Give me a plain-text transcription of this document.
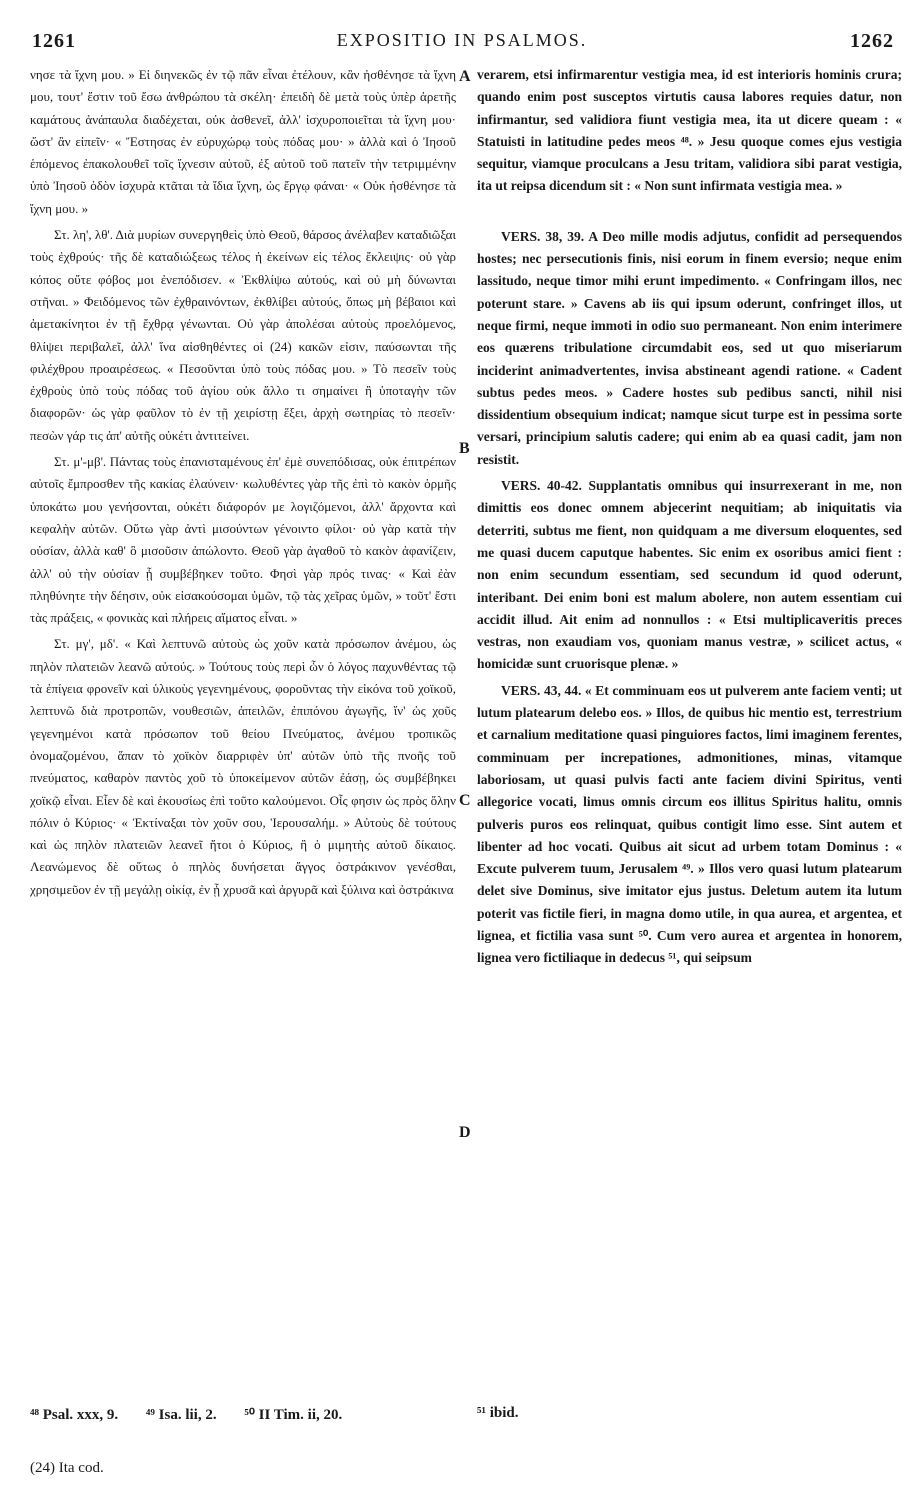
1261	EXPOSITIO IN PSALMOS.	1262

νησε τὰ ἴχνη μου. » Εἰ διηνεκῶς ἐν τῷ πᾶν εἶναι ἐτέλουν, κἂν ἠσθένησε τὰ ἴχνη μου, τουτ' ἔστιν τοῦ ἔσω ἀνθρώπου τὰ σκέλη· ἐπειδὴ δὲ μετὰ τοὺς ὑπὲρ ἀρετῆς καμάτους ἀνάπαυλα διαδέχεται, οὐκ ἀσθενεῖ, ἀλλ' ἰσχυροποιεῖται τὰ ἴχνη μου· ὥστ' ἂν εἰπεῖν· « Ἔστησας ἐν εὐρυχώρῳ τοὺς πόδας μου· » ἀλλὰ καὶ ὁ Ἰησοῦ ἑπόμενος ἐπακολουθεῖ τοῖς ἴχνεσιν αὐτοῦ, ἐξ αὐτοῦ τοῦ πατεῖν τὴν τετριμμένην ὑπὸ Ἰησοῦ ὁδὸν ἰσχυρὰ κτᾶται τὰ ἴδια ἴχνη, ὡς ἔργῳ φάναι· « Οὐκ ἠσθένησε τὰ ἴχνη μου. »

Στ. λη', λθ'. Διὰ μυρίων συνεργηθεὶς ὑπὸ Θεοῦ, θάρσος ἀνέλαβεν καταδιῶξαι τοὺς ἐχθρούς· τῆς δὲ καταδιώξεως τέλος ἡ ἐκείνων εἰς τέλος ἔκλειψις· οὐ γὰρ κόπος οὔτε φόβος μοι ἐνεπόδισεν. « Ἐκθλίψω αὐτούς, καὶ οὐ μὴ δύνωνται στῆναι. » Φειδόμενος τῶν ἐχθραινόντων, ἐκθλίβει αὐτούς, ὅπως μὴ βέβαιοι καὶ ἀμετακίνητοι ἐν τῇ ἔχθρᾳ γένωνται. Οὐ γὰρ ἀπολέσαι αὐτοὺς προελόμενος, θλίψει περιβαλεῖ, ἀλλ' ἵνα αἰσθηθέντες οἱ (24) κακῶν εἰσιν, παύσωνται τῆς φιλέχθρου προαιρέσεως. « Πεσοῦνται ὑπὸ τοὺς πόδας μου. » Τὸ πεσεῖν τοὺς ἐχθροὺς ὑπὸ τοὺς πόδας τοῦ ἁγίου οὐκ ἄλλο τι σημαίνει ἢ ὑποταγὴν τῶν διαφορῶν· ὡς γὰρ φαῦλον τὸ ἐν τῇ χειρίστῃ ἕξει, ἀρχὴ σωτηρίας τὸ πεσεῖν· πεσὼν γάρ τις ἀπ' αὐτῆς οὐκέτι ἀντιτείνει.

Στ. μ'-μβ'. Πάντας τοὺς ἐπανισταμένους ἐπ' ἐμὲ συνεπόδισας, οὐκ ἐπιτρέπων αὐτοῖς ἔμπροσθεν τῆς κακίας ἐλαύνειν· κωλυθέντες γὰρ τῆς ἐπὶ τὸ κακὸν ὁρμῆς ὑποκάτω μου γενήσονται, οὐκέτι διάφορόν με λογιζόμενοι, ἀλλ' ἄρχοντα καὶ κεφαλὴν αὐτῶν. Οὕτω γὰρ ἀντὶ μισούντων γένοιντο φίλοι· οὐ γὰρ κατὰ τὴν οὐσίαν, ἀλλὰ καθ' ὃ μισοῦσιν ἀπώλοντο. Θεοῦ γὰρ ἀγαθοῦ τὸ κακὸν ἀφανίζειν, ἀλλ' οὐ τὴν οὐσίαν ᾗ συμβέβηκεν τοῦτο. Φησὶ γὰρ πρός τινας· « Καὶ ἐὰν πληθύνητε τὴν δέησιν, οὐκ εἰσακούσομαι ὑμῶν, τῷ τὰς χεῖρας ὑμῶν, » τοῦτ' ἔστι τὰς πράξεις, « φονικὰς καὶ πλήρεις αἵματος εἶναι. »

Στ. μγ', μδ'. « Καὶ λεπτυνῶ αὐτοὺς ὡς χοῦν κατὰ πρόσωπον ἀνέμου, ὡς πηλὸν πλατειῶν λεανῶ αὐτούς. » Τούτους τοὺς περὶ ὧν ὁ λόγος παχυνθέντας τῷ τὰ ἐπίγεια φρονεῖν καὶ ὑλικοὺς γεγενημένους, φοροῦντας τὴν εἰκόνα τοῦ χοϊκοῦ, λεπτυνῶ διὰ προτροπῶν, νουθεσιῶν, ἀπειλῶν, ἐπιπόνου ἀγωγῆς, ἵν' ὡς χοῦς γεγενημένοι κατὰ πρόσωπον τοῦ θείου Πνεύματος, ἀνέμου τροπικῶς ὀνομαζομένου, ἅπαν τὸ χοϊκὸν διαρριφὲν ὑπ' αὐτῶν ὑπὸ τῆς πνοῆς τοῦ πνεύματος, καθαρὸν παντὸς χοῦ τὸ ὑποκείμενον αὐτῶν ἐάσῃ, ὡς συμβέβηκει χοϊκῷ εἶναι. Εἶεν δὲ καὶ ἑκουσίως ἐπὶ τοῦτο καλούμενοι. Οἷς φησιν ὡς πρὸς ὅλην πόλιν ὁ Κύριος· « Ἐκτίναξαι τὸν χοῦν σου, Ἱερουσαλήμ. » Αὐτοὺς δὲ τούτους καὶ ὡς πηλὸν πλατειῶν λεανεῖ ἤτοι ὁ Κύριος, ἢ ὁ μιμητὴς αὐτοῦ δίκαιος. Λεανώμενος δὲ οὕτως ὁ πηλὸς δυνήσεται ἄγγος ὀστράκινον γενέσθαι, χρησιμεῦον ἐν τῇ μεγάλῃ οἰκίᾳ, ἐν ᾗ χρυσᾶ καὶ ἀργυρᾶ καὶ ξύλινα καὶ ὀστράκινα

A
B
C
D

verarem, etsi infirmarentur vestigia mea, id est interioris hominis crura; quando enim post susceptos virtutis causa labores requies datur, non infirmantur, sed validiora fiunt vestigia mea, ita ut dicere queam : « Statuisti in latitudine pedes meos ⁴⁸. » Jesu quoque comes ejus vestigia sequitur, viamque proculcans a Jesu tritam, validiora sibi parat vestigia, ita ut reipsa dicendum sit : « Non sunt infirmata vestigia mea. »

VERS. 38, 39. A Deo mille modis adjutus, confidit ad persequendos hostes; nec persecutionis finis, nisi eorum in finem eversio; neque enim lassitudo, neque timor mihi erunt impedimento. « Confringam illos, nec poterunt stare. » Cavens ab iis qui ipsum oderunt, confringet illos, ut neque firmi, neque immoti in odio suo permaneant. Non enim interimere eos quærens tribulatione circumdabit eos, sed ut quo miseriarum inciderint animadvertentes, invisa abstineant agendi ratione. « Cadent subtus pedes meos. » Cadere hostes sub pedibus sancti, nihil nisi dissidentium obsequium indicat; namque sicut turpe est in pessima sorte versari, principium salutis cadere; qui enim ab ea quasi cadit, jam non resistit.

VERS. 40-42. Supplantatis omnibus qui insurrexerant in me, non dimittis eos donec omnem abjecerint nequitiam; ab iniquitatis via deterriti, subtus me fient, non quidquam a me diversum eloquentes, sed me quasi ducem caputque habentes. Sic enim ex osoribus amici fient : non enim secundum essentiam, sed secundum id quod oderunt, interibant. Dei enim boni est malum abolere, non autem essentiam cui accidit illud. Ait enim ad nonnullos : « Etsi multiplicaveritis preces vestras, non exaudiam vos, quoniam manus vestræ, » scilicet actus, « homicidæ sunt cruorisque plenæ. »

VERS. 43, 44. « Et comminuam eos ut pulverem ante faciem venti; ut lutum platearum delebo eos. » Illos, de quibus hic mentio est, terrestrium et carnalium meditatione quasi pinguiores factos, limi imaginem ferentes, comminuam per increpationes, admonitiones, minas, vitamque laboriosam, ut quasi pulvis facti ante faciem divini Spiritus, venti allegorice vocati, limus omnis circum eos illitus Spiritus halitu, omnis pulveris puros eos relinquat, quibus contigit limo esse. Sint autem et libenter ad hoc vocati. Quibus ait sicut ad urbem totam Dominus : « Excute pulverem tuum, Jerusalem ⁴⁹. » Illos vero quasi lutum platearum delet sive Dominus, sive imitator ejus justus. Deletum autem ita lutum poterit vas fictile fieri, in magna domo utile, in qua aurea, et argentea, et lignea, et fictilia vasa sunt ⁵⁰. Cum vero aurea et argentea in honorem, lignea vero fictiliaque in dedecus ⁵¹, qui seipsum

⁴⁸ Psal. xxx, 9. ⁴⁹ Isa. lii, 2. ⁵⁰ II Tim. ii, 20.	⁵¹ ibid.
(24) Ita cod.
